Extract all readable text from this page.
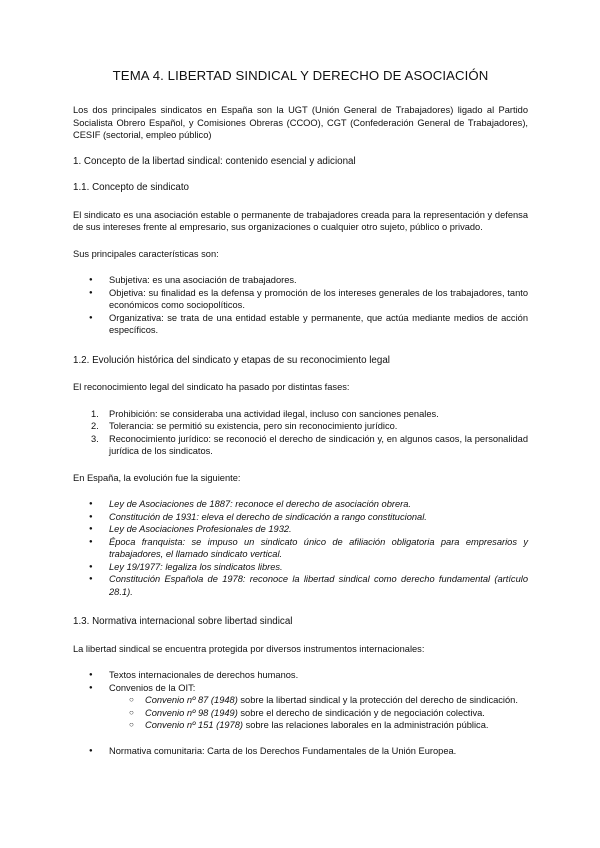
TEMA 4. LIBERTAD SINDICAL Y DERECHO DE ASOCIACIÓN

Los dos principales sindicatos en España son la UGT (Unión General de Trabajadores) ligado al Partido Socialista Obrero Español, y Comisiones Obreras (CCOO), CGT (Confederación General de Trabajadores), CESIF (sectorial, empleo público)

1. Concepto de la libertad sindical: contenido esencial y adicional

1.1. Concepto de sindicato

El sindicato es una asociación estable o permanente de trabajadores creada para la representación y defensa de sus intereses frente al empresario, sus organizaciones o cualquier otro sujeto, público o privado.

Sus principales características son:

● Subjetiva: es una asociación de trabajadores.
● Objetiva: su finalidad es la defensa y promoción de los intereses generales de los trabajadores, tanto económicos como sociopolíticos.
● Organizativa: se trata de una entidad estable y permanente, que actúa mediante medios de acción específicos.

1.2. Evolución histórica del sindicato y etapas de su reconocimiento legal

El reconocimiento legal del sindicato ha pasado por distintas fases:

1. Prohibición: se consideraba una actividad ilegal, incluso con sanciones penales.
2. Tolerancia: se permitió su existencia, pero sin reconocimiento jurídico.
3. Reconocimiento jurídico: se reconoció el derecho de sindicación y, en algunos casos, la personalidad jurídica de los sindicatos.

En España, la evolución fue la siguiente:

● Ley de Asociaciones de 1887: reconoce el derecho de asociación obrera.
● Constitución de 1931: eleva el derecho de sindicación a rango constitucional.
● Ley de Asociaciones Profesionales de 1932.
● Época franquista: se impuso un sindicato único de afiliación obligatoria para empresarios y trabajadores, el llamado sindicato vertical.
● Ley 19/1977: legaliza los sindicatos libres.
● Constitución Española de 1978: reconoce la libertad sindical como derecho fundamental (artículo 28.1).

1.3. Normativa internacional sobre libertad sindical

La libertad sindical se encuentra protegida por diversos instrumentos internacionales:

● Textos internacionales de derechos humanos.
● Convenios de la OIT:
○ Convenio nº 87 (1948) sobre la libertad sindical y la protección del derecho de sindicación.
○ Convenio nº 98 (1949) sobre el derecho de sindicación y de negociación colectiva.
○ Convenio nº 151 (1978) sobre las relaciones laborales en la administración pública.
● Normativa comunitaria: Carta de los Derechos Fundamentales de la Unión Europea.
